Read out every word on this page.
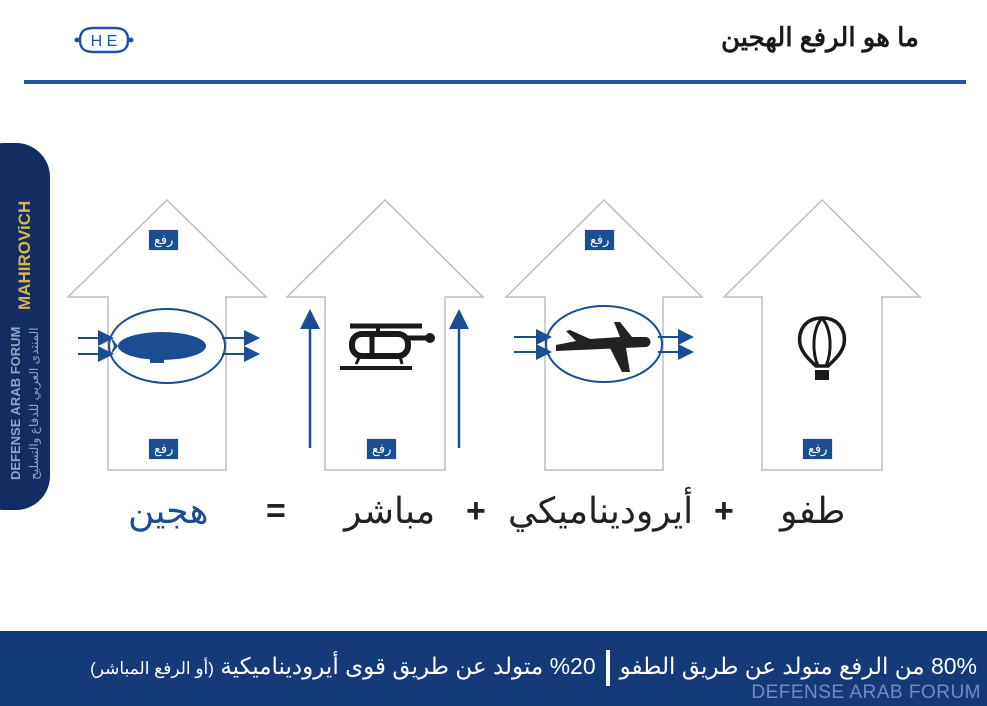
H E	ما هو الرفع الهجين
MAHIROViCH
DEFENSE ARAB FORUM المنتدى العربي للدفاع والتسليح
رفع	رفع
رفع	رفع	رفع
هجين = مباشر + أيروديناميكي + طفو
DEFENSE ARAB FORUM
80% من الرفع متولد عن طريق الطفو20% متولد عن طريق قوى أيروديناميكية (أو الرفع المباشر)
